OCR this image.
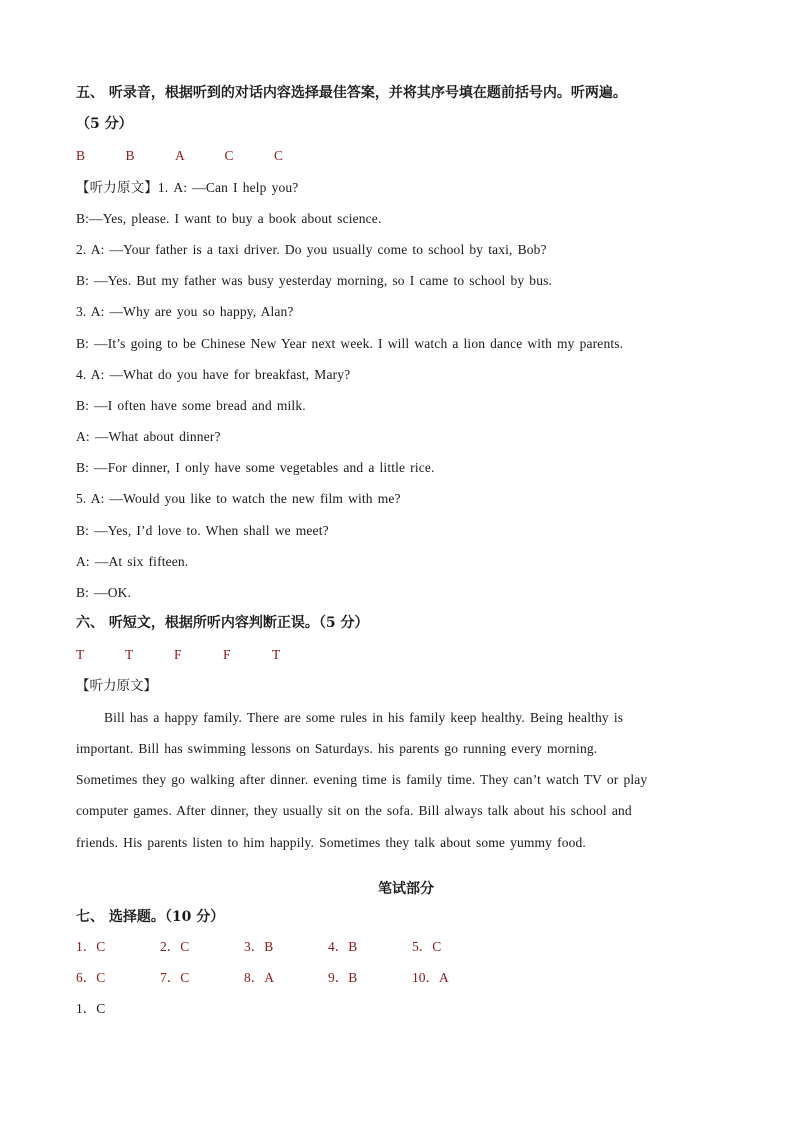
五、 听录音，根据听到的对话内容选择最佳答案，并将其序号填在题前括号内。听两遍。
（5 分）
B	B	A	C	C
【听力原文】1. A: —Can I help you?
B:—Yes, please. I want to buy a book about science.
2. A: —Your father is a taxi driver. Do you usually come to school by taxi, Bob?
B: —Yes. But my father was busy yesterday morning, so I came to school by bus.
3. A: —Why are you so happy, Alan?
B: —It’s going to be Chinese New Year next week. I will watch a lion dance with my parents.
4. A: —What do you have for breakfast, Mary?
B: —I often have some bread and milk.
A: —What about dinner?
B: —For dinner, I only have some vegetables and a little rice.
5. A: —Would you like to watch the new film with me?
B: —Yes, I’d love to. When shall we meet?
A: —At six fifteen.
B: —OK.
六、 听短文，根据所听内容判断正误。（5 分）
T	T	F	F	T
【听力原文】
Bill has a happy family. There are some rules in his family keep healthy. Being healthy is
important. Bill has swimming lessons on Saturdays. his parents go running every morning.
Sometimes they go walking after dinner. evening time is family time. They can’t watch TV or play
computer games. After dinner, they usually sit on the sofa. Bill always talk about his school and
friends. His parents listen to him happily. Sometimes they talk about some yummy food.
笔试部分
七、 选择题。（10 分）
1．C	2．C	3．B	4．B	5．C
6．C	7．C	8．A	9．B	10．A
1．C
